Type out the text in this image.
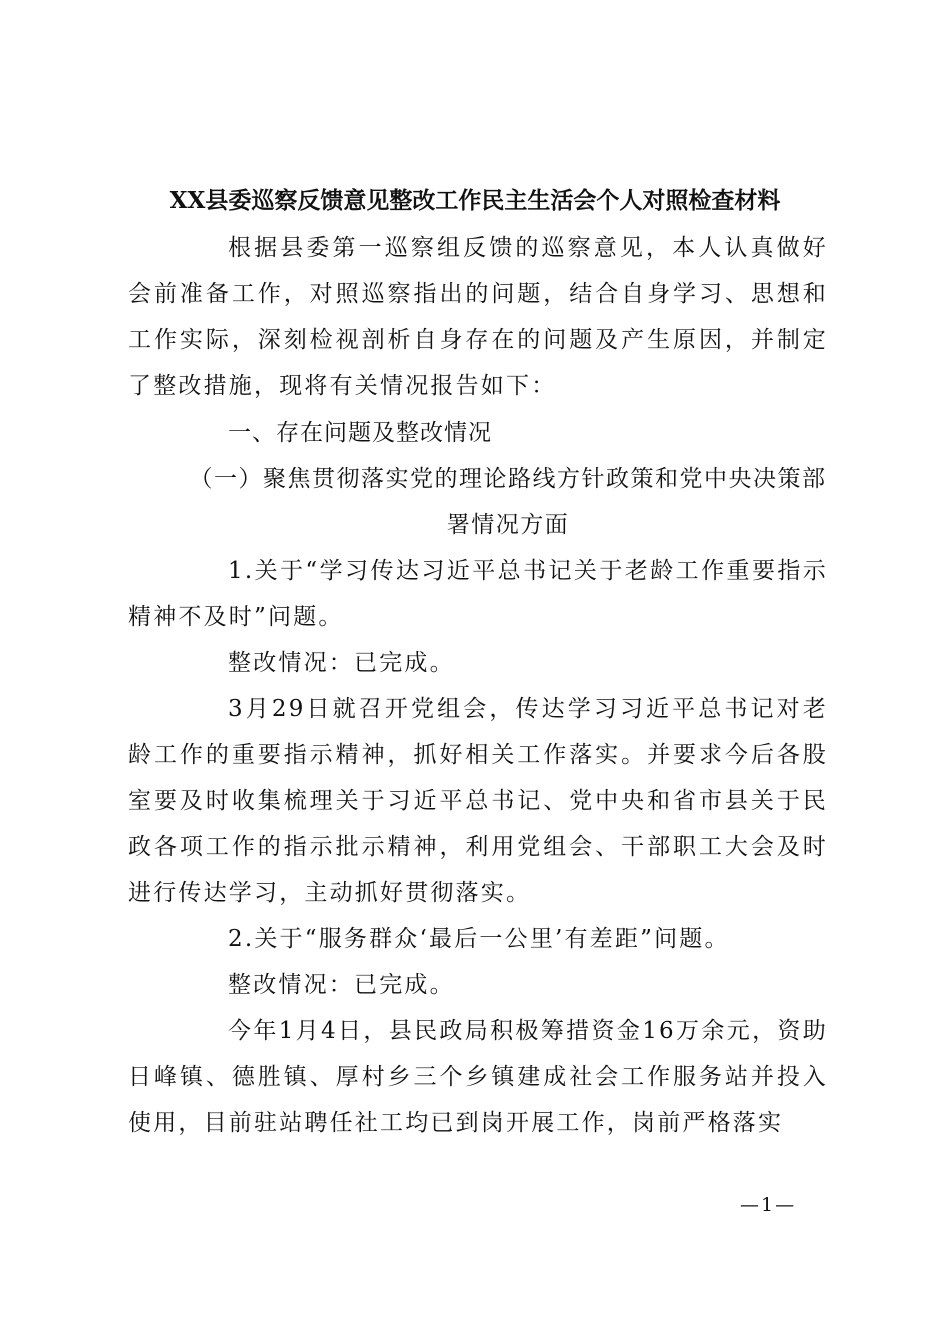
XX县委巡察反馈意见整改工作民主生活会个人对照检查材料
根据县委第一巡察组反馈的巡察意见，本人认真做好会前准备工作，对照巡察指出的问题，结合自身学习、思想和工作实际，深刻检视剖析自身存在的问题及产生原因，并制定了整改措施，现将有关情况报告如下：
一、存在问题及整改情况
（一）聚焦贯彻落实党的理论路线方针政策和党中央决策部署情况方面
1.关于“学习传达习近平总书记关于老龄工作重要指示精神不及时”问题。
整改情况：已完成。
3月29日就召开党组会，传达学习习近平总书记对老龄工作的重要指示精神，抓好相关工作落实。并要求今后各股室要及时收集梳理关于习近平总书记、党中央和省市县关于民政各项工作的指示批示精神，利用党组会、干部职工大会及时进行传达学习，主动抓好贯彻落实。
2.关于“服务群众‘最后一公里’有差距”问题。
整改情况：已完成。
今年1月4日，县民政局积极筹措资金16万余元，资助日峰镇、德胜镇、厚村乡三个乡镇建成社会工作服务站并投入使用，目前驻站聘任社工均已到岗开展工作，岗前严格落实
—1—
